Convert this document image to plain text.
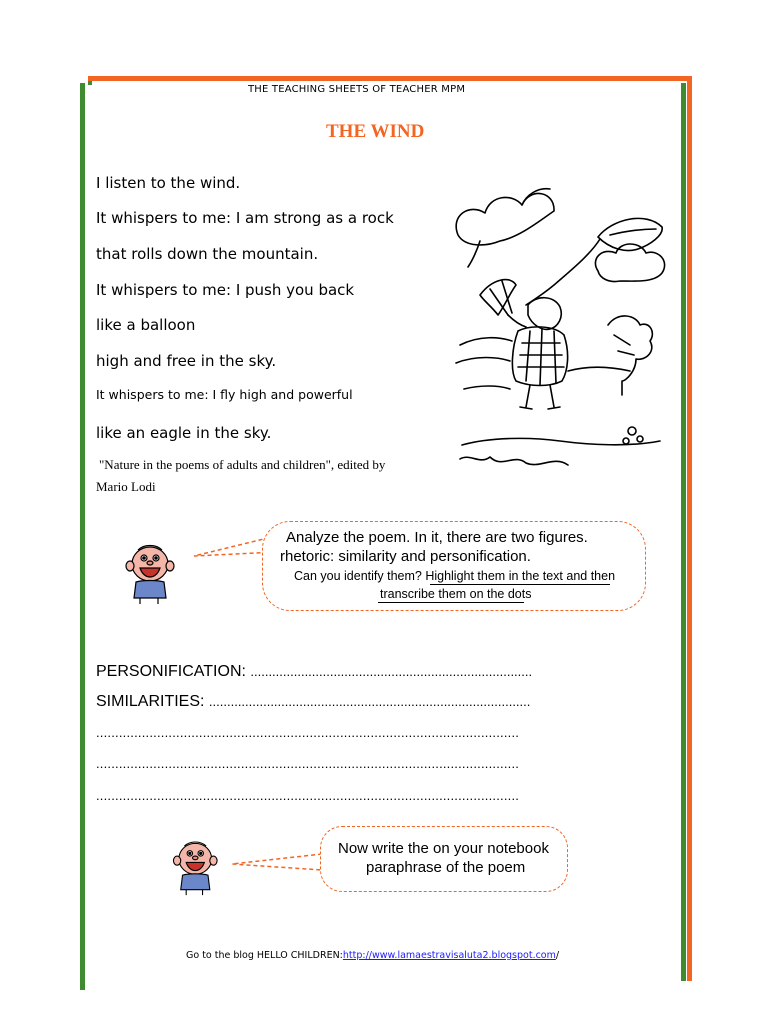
THE TEACHING SHEETS OF TEACHER MPM
THE WIND
I listen to the wind.
It whispers to me: I am strong as a rock
that rolls down the mountain.
It whispers to me: I push you back
like a balloon
high and free in the sky.
It whispers to me: I fly high and powerful
like an eagle in the sky.
"Nature in the poems of adults and children", edited by
Mario Lodi
Analyze the poem. In it, there are two figures.
rhetoric: similarity and personification.
Can you identify them? Highlight them in the text and then
transcribe them on the dots
PERSONIFICATION: ..............................................................................
SIMILARITIES: .........................................................................................
...............................................................................................................
...............................................................................................................
...............................................................................................................
Now write the on your notebook
paraphrase of the poem
Go to the blog HELLO CHILDREN:http://www.lamaestravisaluta2.blogspot.com/
